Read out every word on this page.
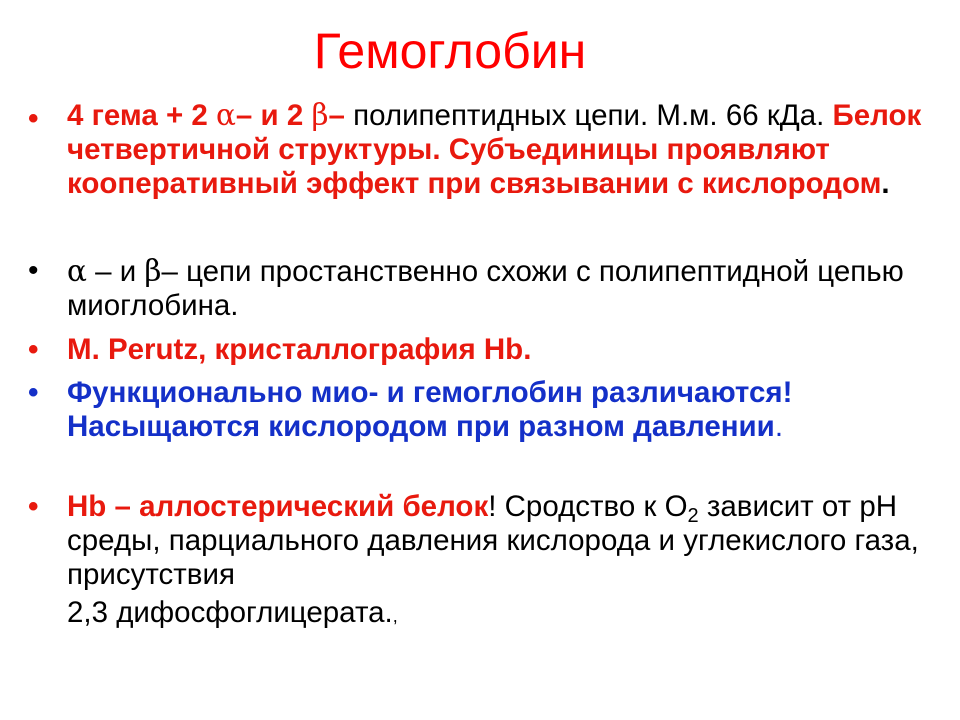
Гемоглобин
• 4 гема + 2 α– и 2 β– полипептидных цепи. М.м. 66 кДа. Белок четвертичной структуры. Субъединицы проявляют кооперативный эффект при связывании с кислородом.
• α – и β– цепи простанственно схожи с полипептидной цепью миоглобина.
• M. Perutz, кристаллография Hb.
• Функционально мио- и гемоглобин различаются! Насыщаются кислородом при разном давлении.
• Hb – аллостерический белок! Сродство к $O_2$ зависит от pH среды, парциального давления кислорода и углекислого газа, присутствия
2,3 дифосфоглицерата.,
